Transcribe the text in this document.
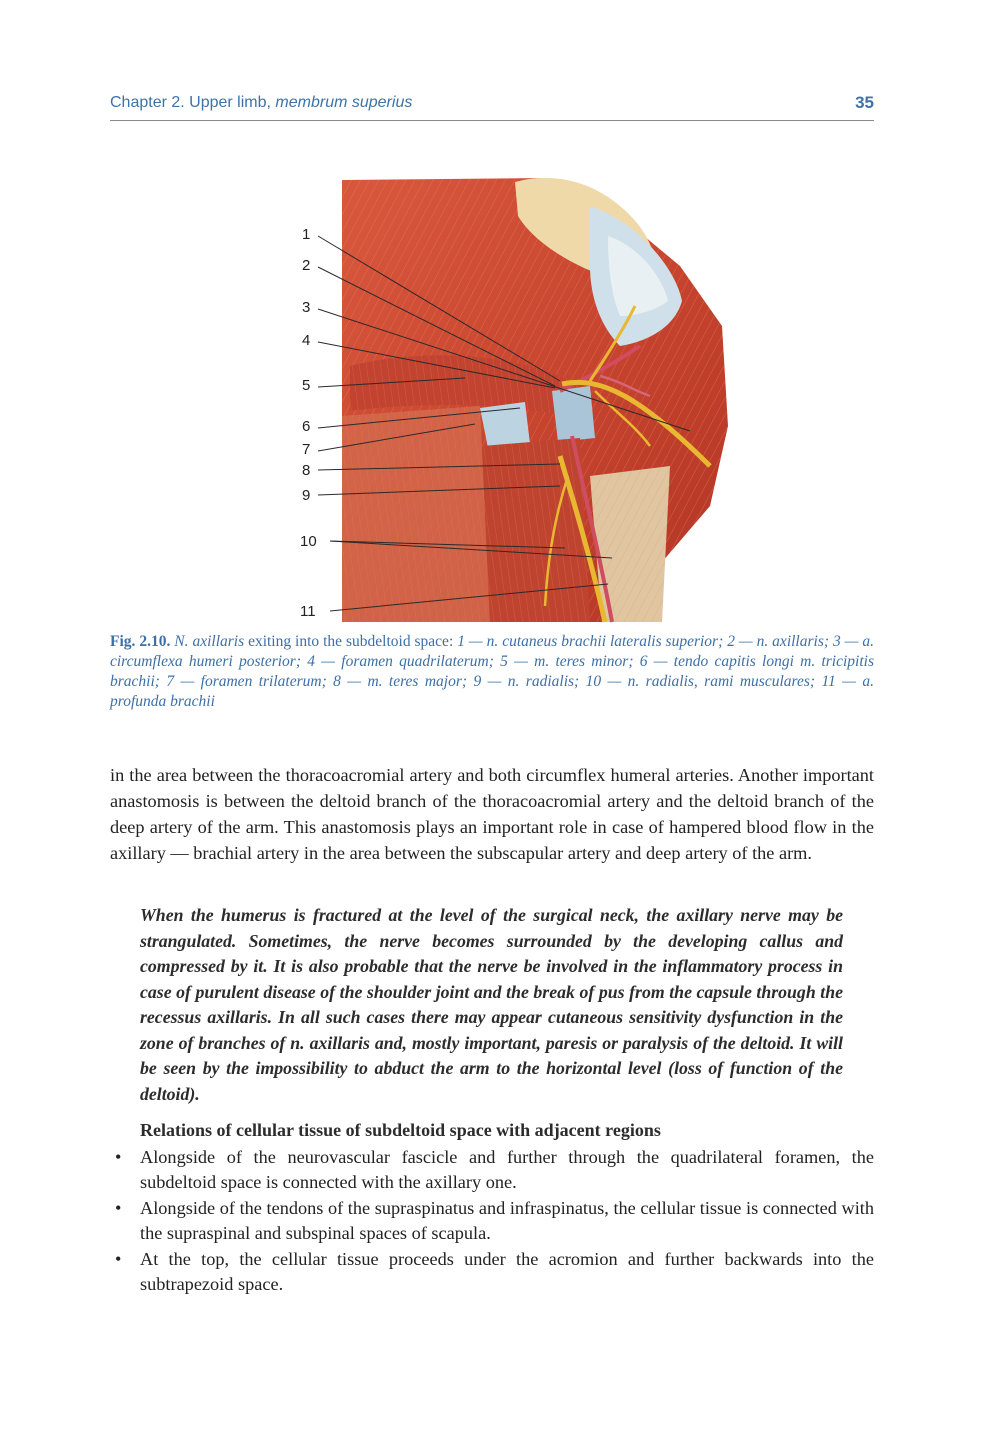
Chapter 2. Upper limb, membrum superius	35
1
2
3
4
5
6
7
8
9
10
11
Fig. 2.10. N. axillaris exiting into the subdeltoid space: 1 — n. cutaneus brachii lateralis superior; 2 — n. axillaris; 3 — a. circumflexa humeri posterior; 4 — foramen quadrilaterum; 5 — m. teres minor; 6 — tendo capitis longi m. tricipitis brachii; 7 — foramen trilaterum; 8 — m. teres major; 9 — n. radialis; 10 — n. radialis, rami musculares; 11 — a. profunda brachii
in the area between the thoracoacromial artery and both circumflex humeral arteries. Another important anastomosis is between the deltoid branch of the thoracoacromial artery and the deltoid branch of the deep artery of the arm. This anastomosis plays an important role in case of hampered blood flow in the axillary — brachial artery in the area between the subscapular artery and deep artery of the arm.
When the humerus is fractured at the level of the surgical neck, the axillary nerve may be strangulated. Sometimes, the nerve becomes surrounded by the developing callus and compressed by it. It is also probable that the nerve be involved in the inflammatory process in case of purulent disease of the shoulder joint and the break of pus from the capsule through the recessus axillaris. In all such cases there may appear cutaneous sensitivity dysfunction in the zone of branches of n. axillaris and, mostly important, paresis or paralysis of the deltoid. It will be seen by the impossibility to abduct the arm to the horizontal level (loss of function of the deltoid).
Relations of cellular tissue of subdeltoid space with adjacent regions
• Alongside of the neurovascular fascicle and further through the quadrilateral foramen, the subdeltoid space is connected with the axillary one.
• Alongside of the tendons of the supraspinatus and infraspinatus, the cellular tissue is connected with the supraspinal and subspinal spaces of scapula.
• At the top, the cellular tissue proceeds under the acromion and further backwards into the subtrapezoid space.
